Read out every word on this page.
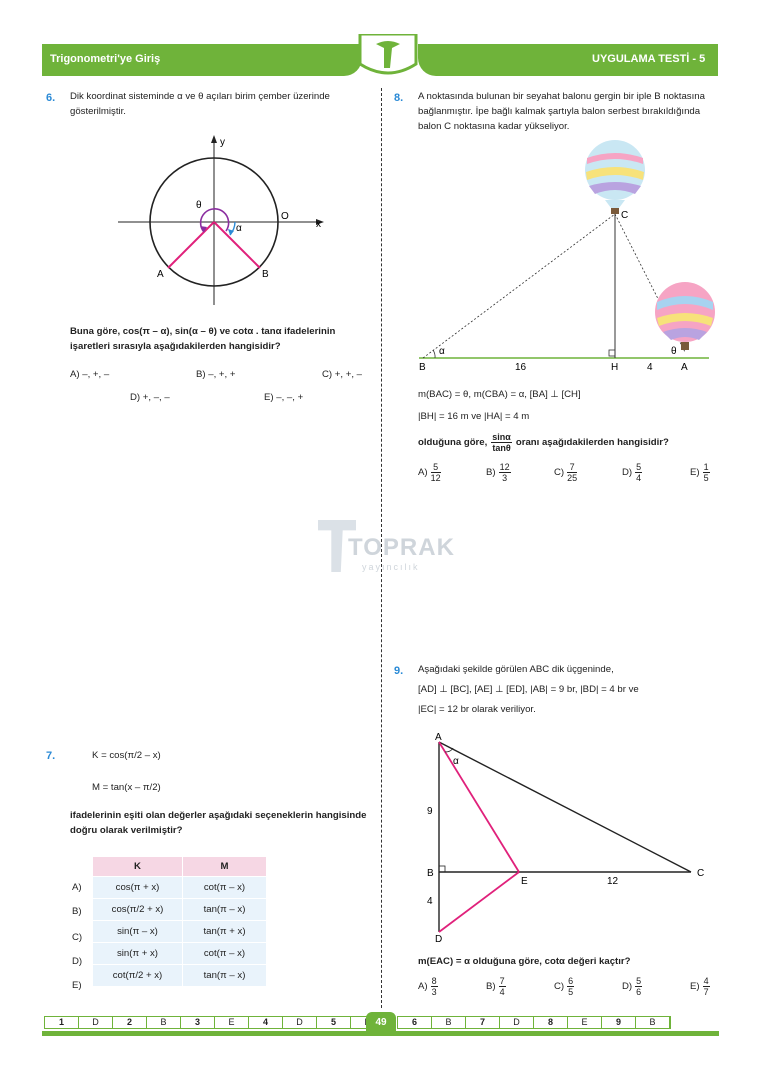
Trigonometri'ye Giriş	UYGULAMA TESTİ - 5
6. Dik koordinat sisteminde α ve θ açıları birim çember üzerinde gösterilmiştir.
y
x
O
θ
α
A	B
Buna göre, cos(π – α), sin(α – θ) ve cotα . tanα ifadelerinin işaretleri sırasıyla aşağıdakilerden hangisidir?
A) –, +, –	B) –, +, +	C) +, +, –
D) +, –, –	E) –, –, +
TOPRAK
yayıncılık
7.	K = cos(π/2 – x)
M = tan(x – π/2)
ifadelerinin eşiti olan değerler aşağıdaki seçeneklerin hangisinde doğru olarak verilmiştir?
K	M
cos(π + x)	cot(π – x)
cos(π/2 + x)	tan(π – x)
sin(π – x)	tan(π + x)
sin(π + x)	cot(π – x)
cot(π/2 + x)	tan(π – x)
A)
B)
C)
D)
E)
8. A noktasında bulunan bir seyahat balonu gergin bir iple B noktasına bağlanmıştır. İpe bağlı kalmak şartıyla balon serbest bırakıldığında balon C noktasına kadar yükseliyor.
C
B	H	A
α	θ
16	4
m(BAC) = θ, m(CBA) = α, [BA] ⊥ [CH]
|BH| = 16 m ve |HA| = 4 m
olduğuna göre, $\frac{\sin\alpha}{\tan\theta}$ oranı aşağıdakilerden hangisidir?
$A) \frac{5}{12}$	$B) \frac{12}{3}$	$C) \frac{7}{25}$	$D) \frac{5}{4}$	$E) \frac{1}{5}$
9. Aşağıdaki şekilde görülen ABC dik üçgeninde,
[AD] ⊥ [BC], [AE] ⊥ [ED], |AB| = 9 br, |BD| = 4 br ve
|EC| = 12 br olarak veriliyor.
A
B	C
D
E
α
9
4
12
m(EAC) = α olduğuna göre, cotα değeri kaçtır?
$A) \frac{8}{3}$	$B) \frac{7}{4}$	$C) \frac{6}{5}$	$D) \frac{5}{6}$	$E) \frac{4}{7}$
1	D	2	B	3	E	4	D	5	6	B	7	D	8	E	9	B
49
